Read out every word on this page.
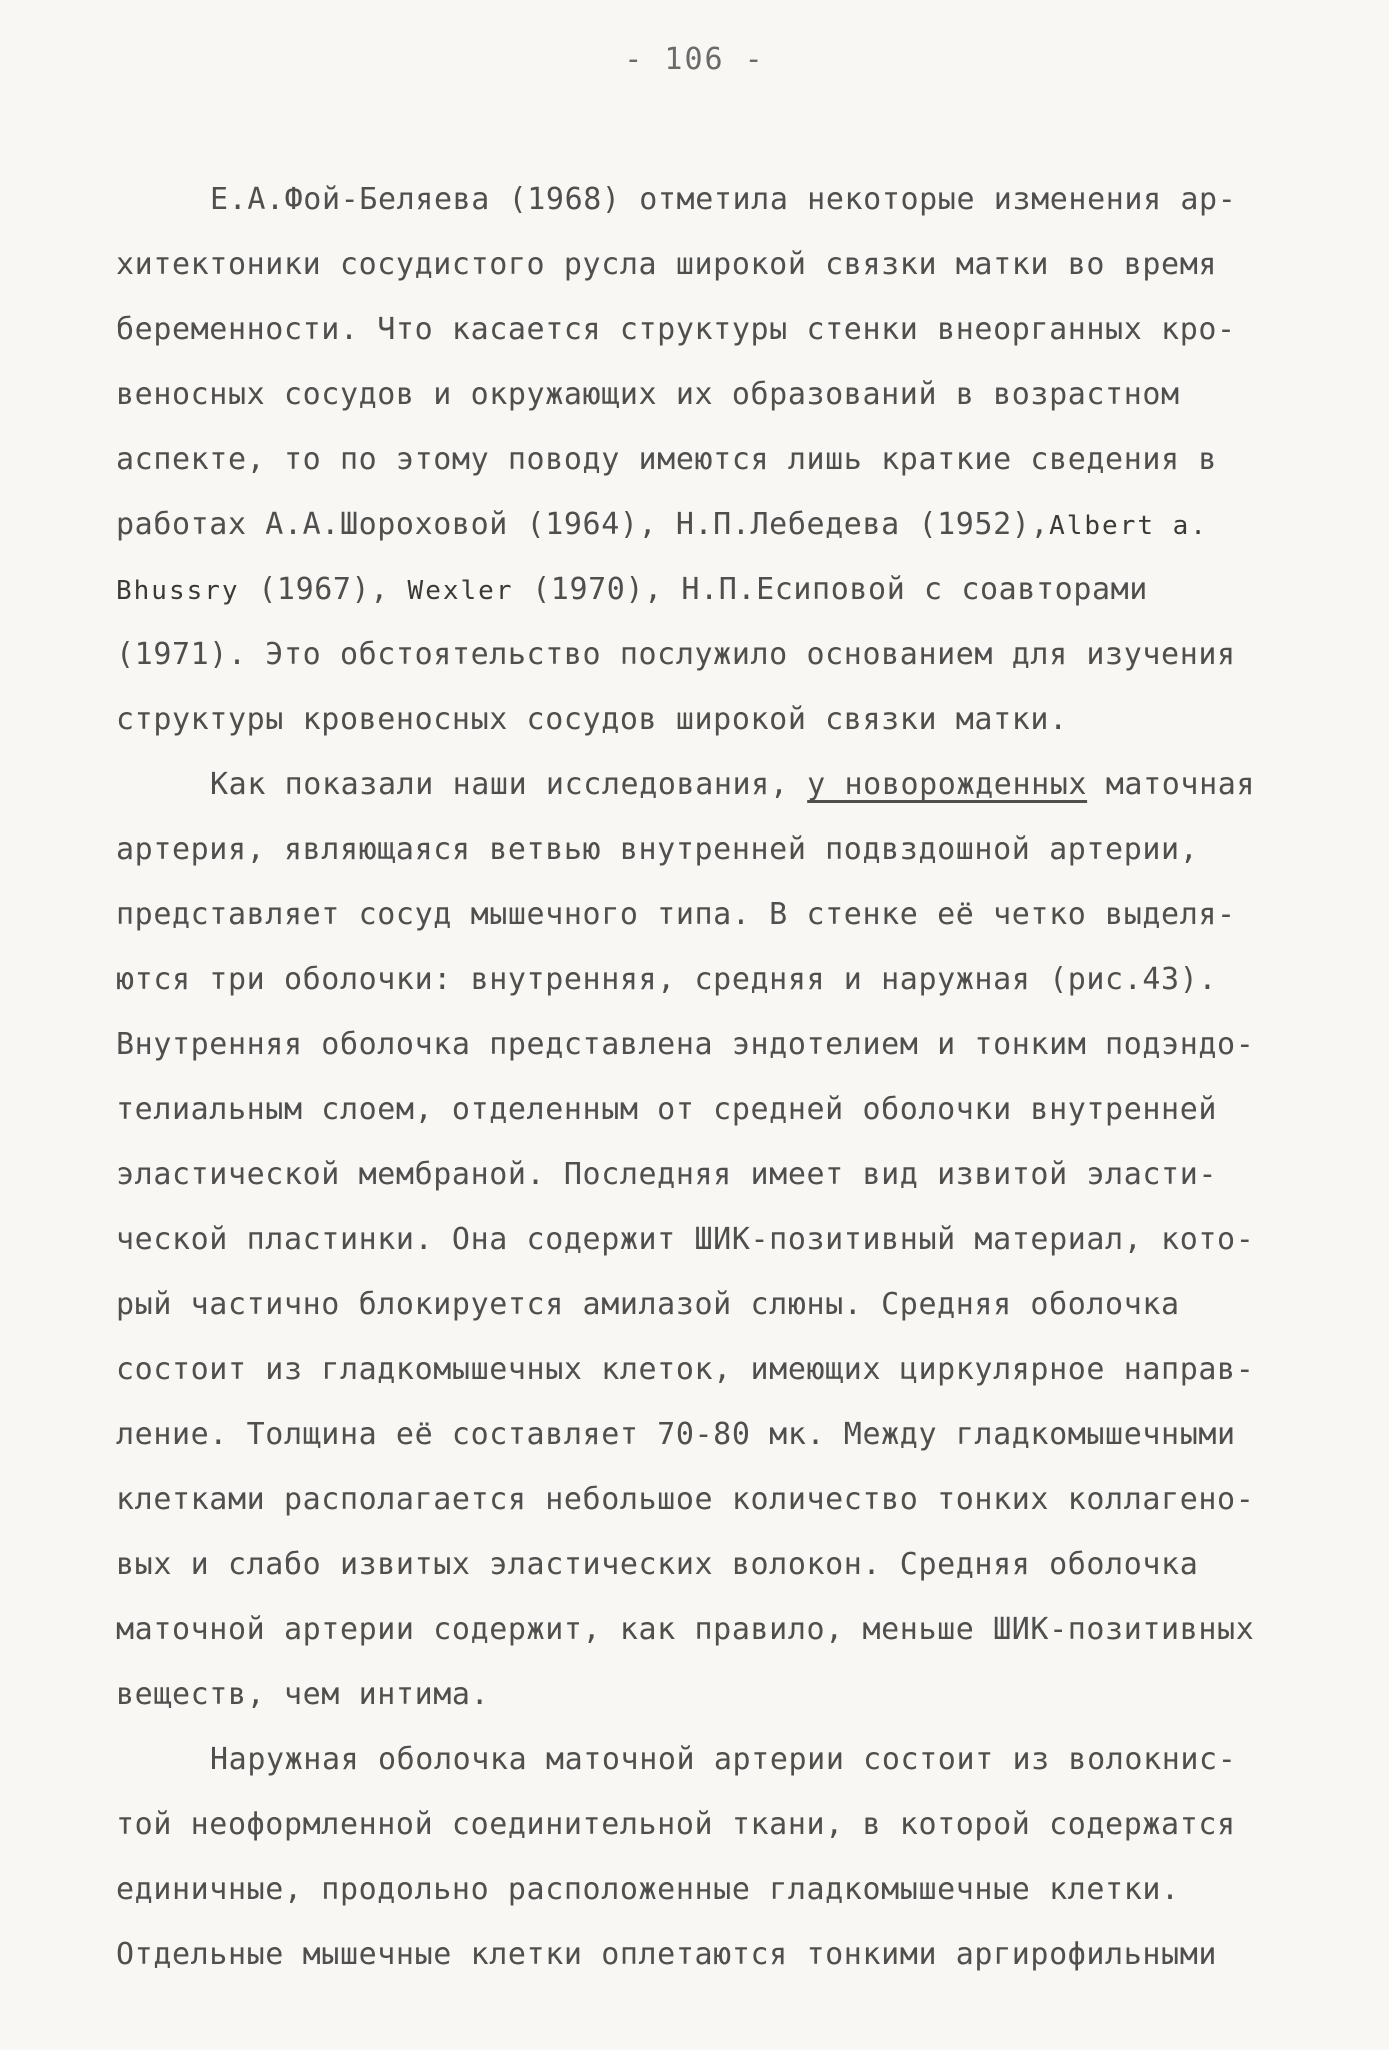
- 106 -
Е.А.Фой-Беляева (1968) отметила некоторые изменения ар-
хитектоники сосудистого русла широкой связки матки во время
беременности. Что касается структуры стенки внеорганных кро-
веносных сосудов и окружающих их образований в возрастном
аспекте, то по этому поводу имеются лишь краткие сведения в
работах А.А.Шороховой (1964), Н.П.Лебедева (1952),Albert a.
Bhussry (1967), Wexler (1970), Н.П.Есиповой с соавторами
(1971). Это обстоятельство послужило основанием для изучения
структуры кровеносных сосудов широкой связки матки.
Как показали наши исследования, у новорожденных маточная
артерия, являющаяся ветвью внутренней подвздошной артерии,
представляет сосуд мышечного типа. В стенке её четко выделя-
ются три оболочки: внутренняя, средняя и наружная (рис.43).
Внутренняя оболочка представлена эндотелием и тонким подэндо-
телиальным слоем, отделенным от средней оболочки внутренней
эластической мембраной. Последняя имеет вид извитой эласти-
ческой пластинки. Она содержит ШИК-позитивный материал, кото-
рый частично блокируется амилазой слюны. Средняя оболочка
состоит из гладкомышечных клеток, имеющих циркулярное направ-
ление. Толщина её составляет 70-80 мк. Между гладкомышечными
клетками располагается небольшое количество тонких коллагено-
вых и слабо извитых эластических волокон. Средняя оболочка
маточной артерии содержит, как правило, меньше ШИК-позитивных
веществ, чем интима.
Наружная оболочка маточной артерии состоит из волокнис-
той неоформленной соединительной ткани, в которой содержатся
единичные, продольно расположенные гладкомышечные клетки.
Отдельные мышечные клетки оплетаются тонкими аргирофильными
